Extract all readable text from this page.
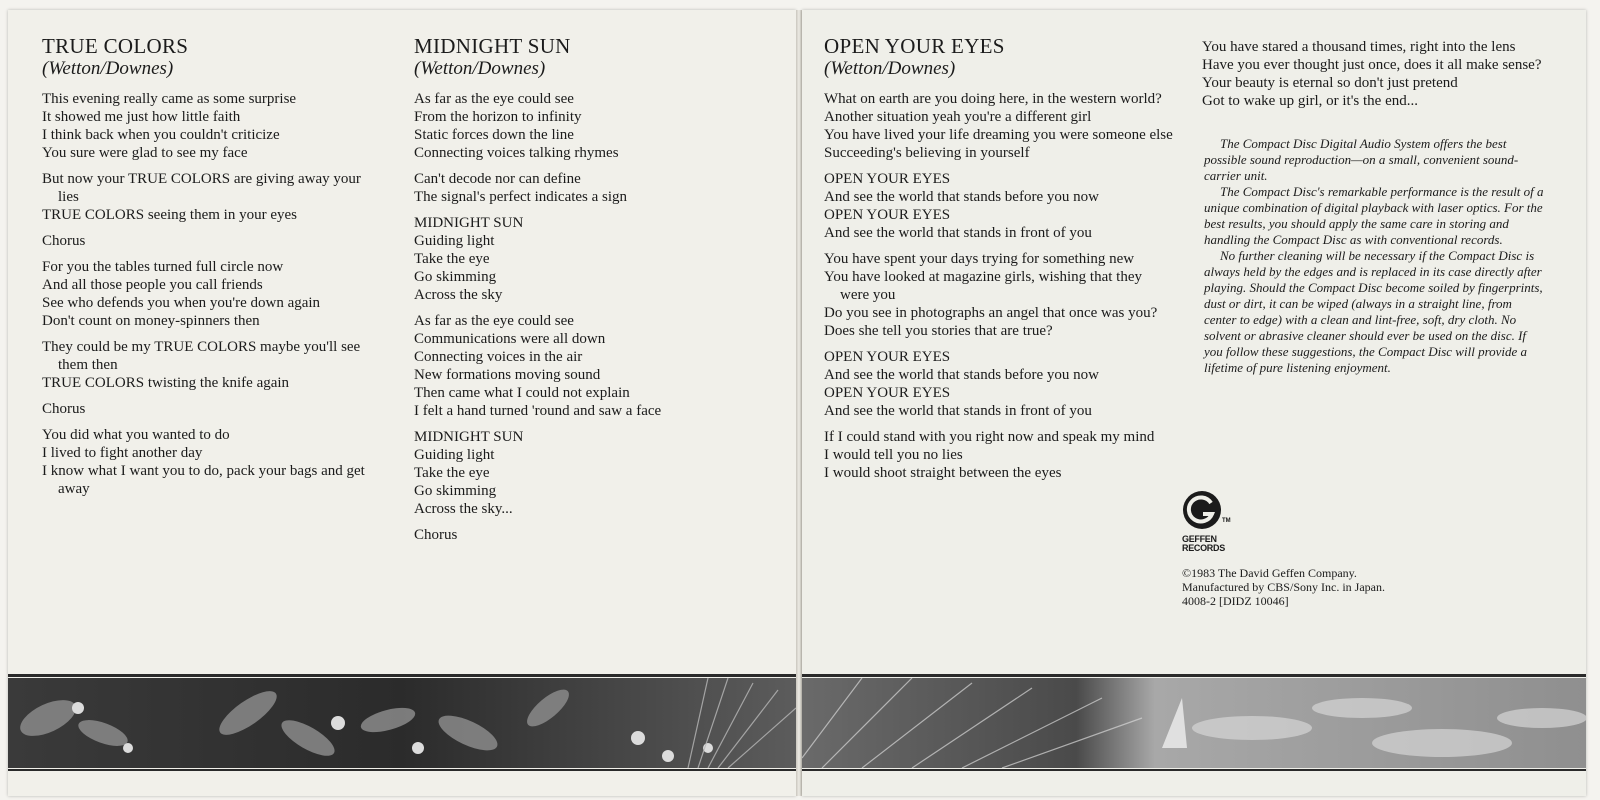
TRUE COLORS
(Wetton/Downes)
This evening really came as some surprise
It showed me just how little faith
I think back when you couldn't criticize
You sure were glad to see my face
But now your TRUE COLORS are giving away your lies
TRUE COLORS seeing them in your eyes
Chorus
For you the tables turned full circle now
And all those people you call friends
See who defends you when you're down again
Don't count on money-spinners then
They could be my TRUE COLORS maybe you'll see them then
TRUE COLORS twisting the knife again
Chorus
You did what you wanted to do
I lived to fight another day
I know what I want you to do, pack your bags and get away
MIDNIGHT SUN
(Wetton/Downes)
As far as the eye could see
From the horizon to infinity
Static forces down the line
Connecting voices talking rhymes
Can't decode nor can define
The signal's perfect indicates a sign
MIDNIGHT SUN
Guiding light
Take the eye
Go skimming
Across the sky
As far as the eye could see
Communications were all down
Connecting voices in the air
New formations moving sound
Then came what I could not explain
I felt a hand turned 'round and saw a face
MIDNIGHT SUN
Guiding light
Take the eye
Go skimming
Across the sky...
Chorus
OPEN YOUR EYES
(Wetton/Downes)
What on earth are you doing here, in the western world?
Another situation yeah you're a different girl
You have lived your life dreaming you were someone else
Succeeding's believing in yourself
OPEN YOUR EYES
And see the world that stands before you now
OPEN YOUR EYES
And see the world that stands in front of you
You have spent your days trying for something new
You have looked at magazine girls, wishing that they were you
Do you see in photographs an angel that once was you?
Does she tell you stories that are true?
OPEN YOUR EYES
And see the world that stands before you now
OPEN YOUR EYES
And see the world that stands in front of you
If I could stand with you right now and speak my mind
I would tell you no lies
I would shoot straight between the eyes
You have stared a thousand times, right into the lens
Have you ever thought just once, does it all make sense?
Your beauty is eternal so don't just pretend
Got to wake up girl, or it's the end...

The Compact Disc Digital Audio System offers the best possible sound reproduction—on a small, convenient sound-carrier unit.

The Compact Disc's remarkable performance is the result of a unique combination of digital playback with laser optics. For the best results, you should apply the same care in storing and handling the Compact Disc as with conventional records.

No further cleaning will be necessary if the Compact Disc is always held by the edges and is replaced in its case directly after playing. Should the Compact Disc become soiled by fingerprints, dust or dirt, it can be wiped (always in a straight line, from center to edge) with a clean and lint-free, soft, dry cloth. No solvent or abrasive cleaner should ever be used on the disc. If you follow these suggestions, the Compact Disc will provide a lifetime of pure listening enjoyment.

TM
GEFFEN
RECORDS
©1983 The David Geffen Company.
Manufactured by CBS/Sony Inc. in Japan.
4008-2 [DIDZ 10046]
